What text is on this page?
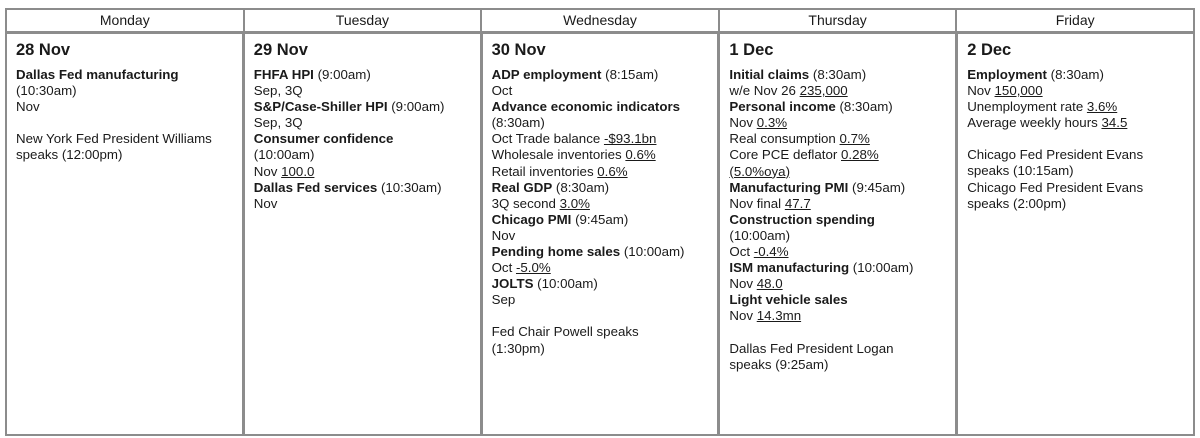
Monday	Tuesday	Wednesday	Thursday	Friday
28 Nov
Dallas Fed manufacturing
(10:30am)
Nov
New York Fed President Williams
speaks (12:00pm)
29 Nov
FHFA HPI (9:00am)
Sep, 3Q
S&P/Case-Shiller HPI (9:00am)
Sep, 3Q
Consumer confidence
(10:00am)
Nov 100.0
Dallas Fed services (10:30am)
Nov
30 Nov
ADP employment (8:15am)
Oct
Advance economic indicators
(8:30am)
Oct Trade balance -$93.1bn
Wholesale inventories 0.6%
Retail inventories 0.6%
Real GDP (8:30am)
3Q second 3.0%
Chicago PMI (9:45am)
Nov
Pending home sales (10:00am)
Oct -5.0%
JOLTS (10:00am)
Sep
Fed Chair Powell speaks
(1:30pm)
1 Dec
Initial claims (8:30am)
w/e Nov 26 235,000
Personal income (8:30am)
Nov 0.3%
Real consumption 0.7%
Core PCE deflator 0.28%
(5.0%oya)
Manufacturing PMI (9:45am)
Nov final 47.7
Construction spending
(10:00am)
Oct -0.4%
ISM manufacturing (10:00am)
Nov 48.0
Light vehicle sales
Nov 14.3mn
Dallas Fed President Logan
speaks (9:25am)
2 Dec
Employment (8:30am)
Nov 150,000
Unemployment rate 3.6%
Average weekly hours 34.5
Chicago Fed President Evans
speaks (10:15am)
Chicago Fed President Evans
speaks (2:00pm)
